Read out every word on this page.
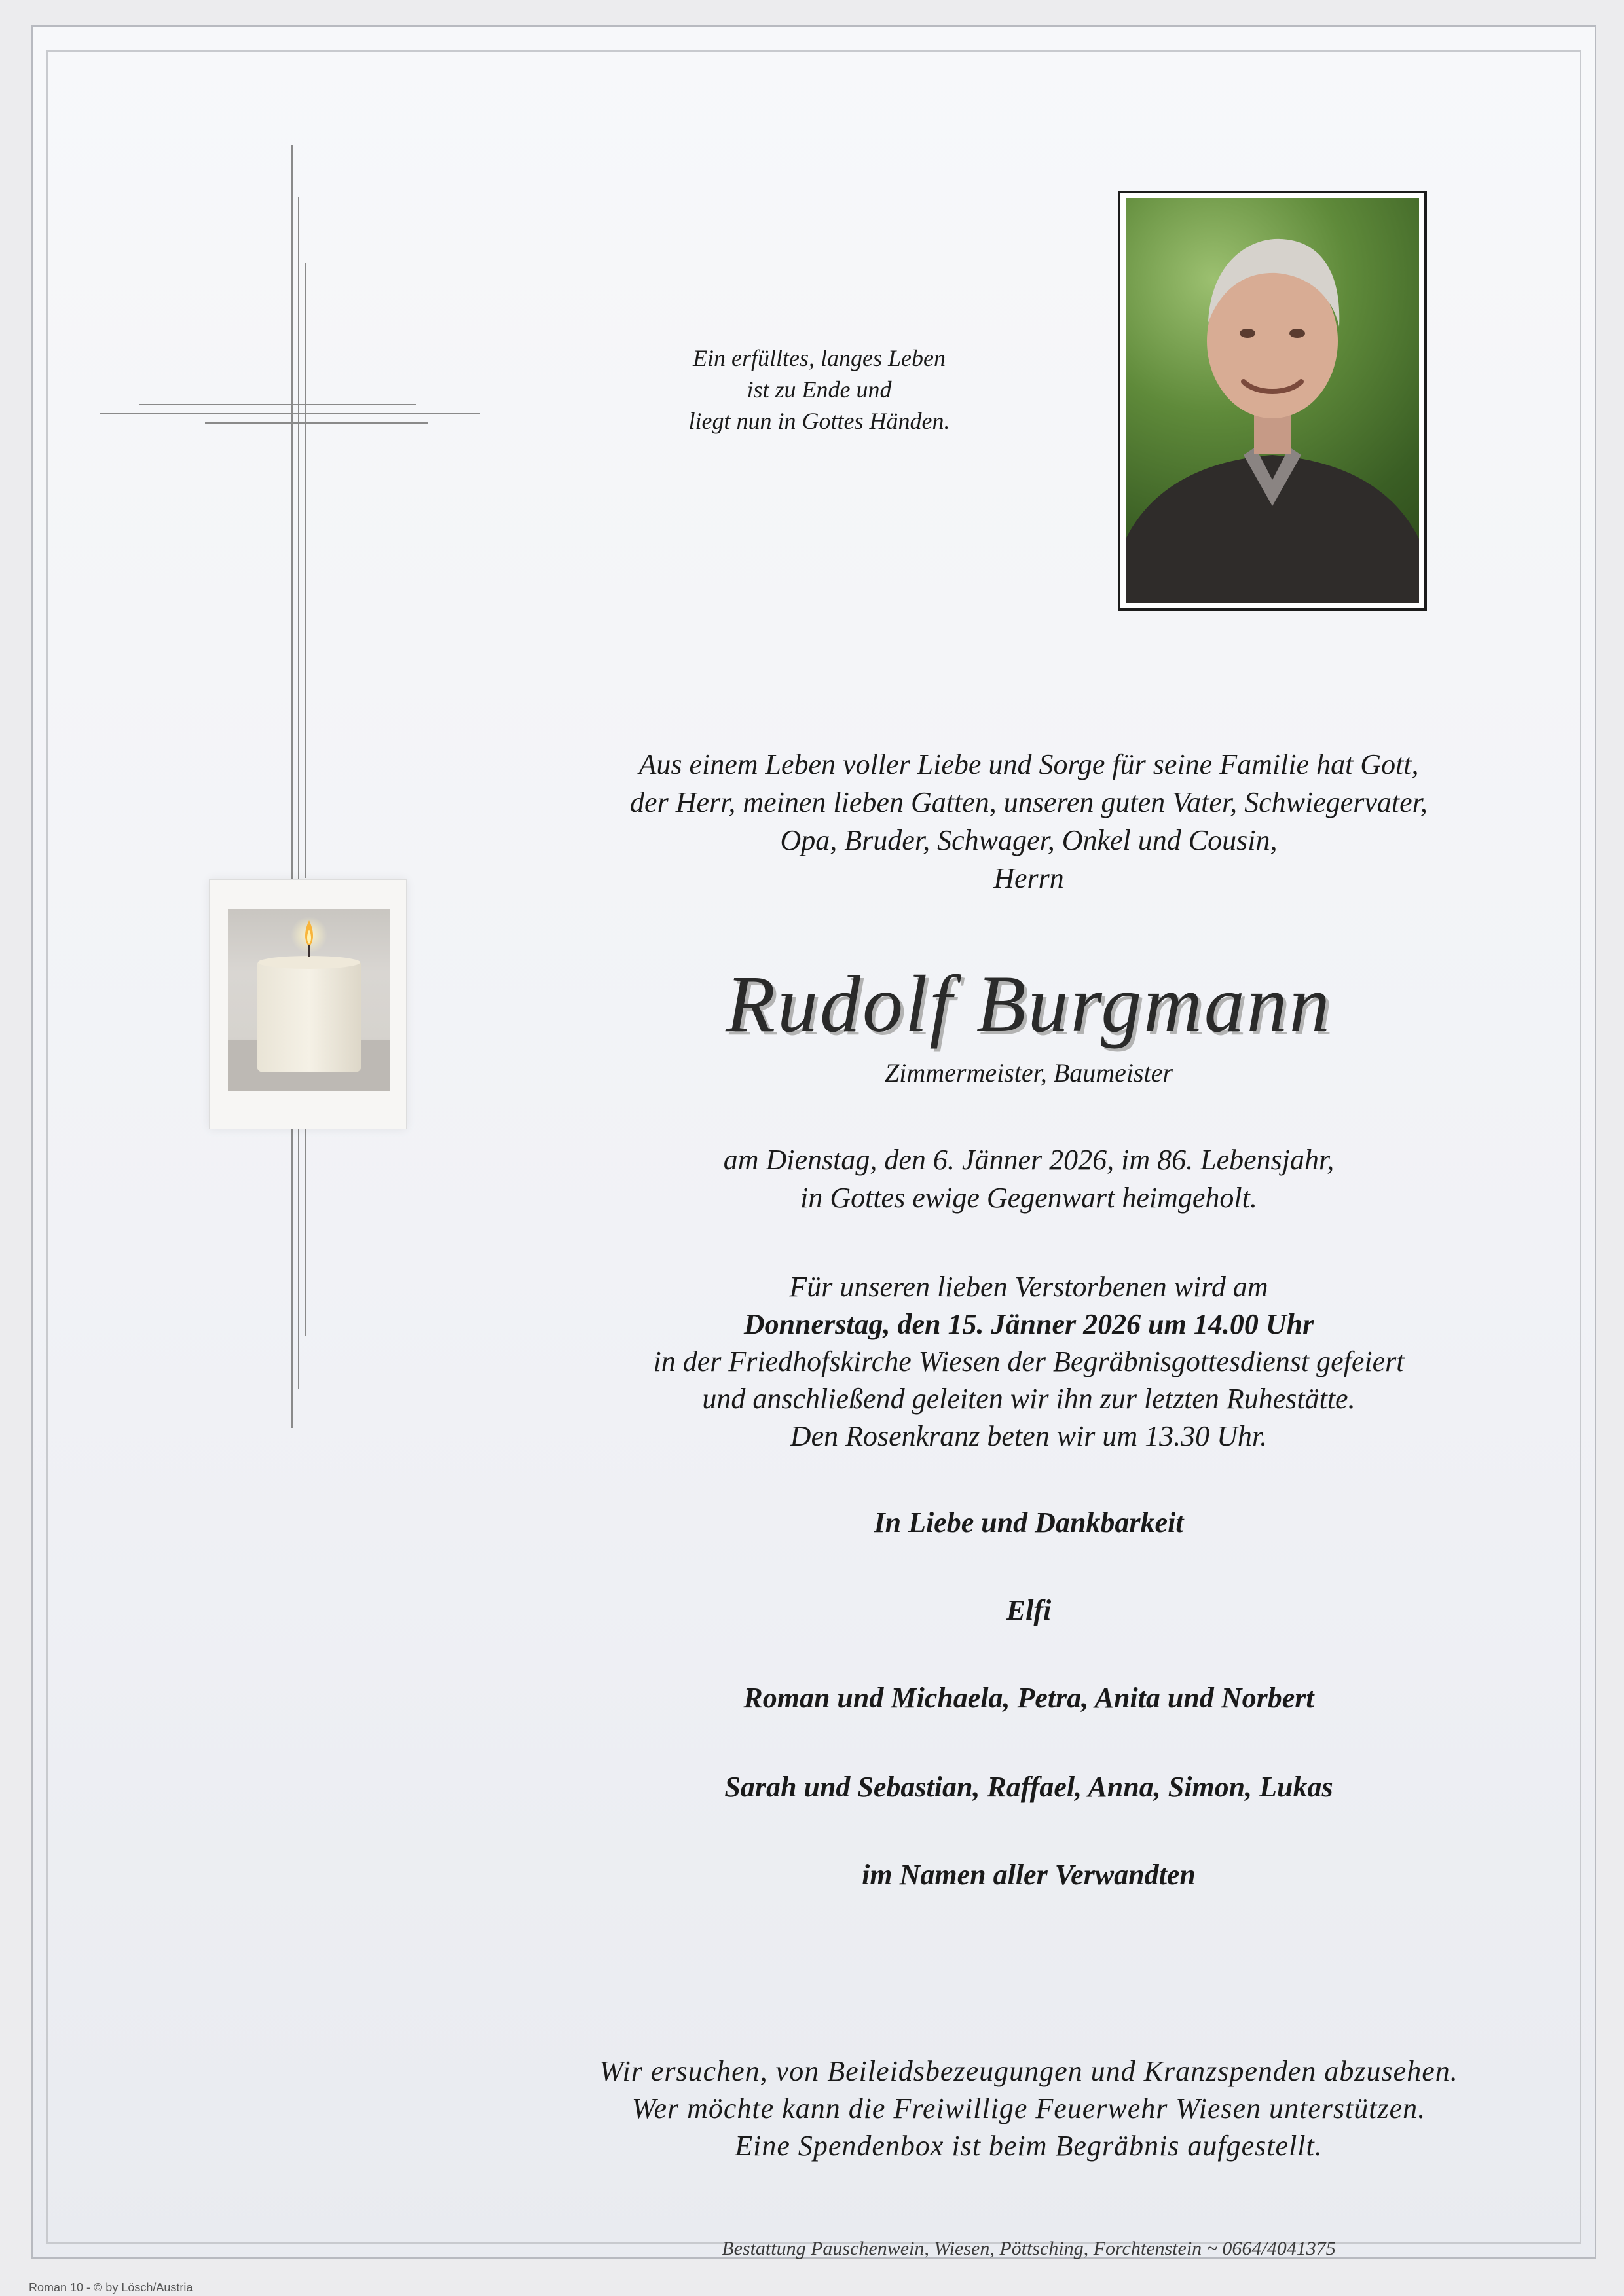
Ein erfülltes, langes Leben
ist zu Ende und
liegt nun in Gottes Händen.
Aus einem Leben voller Liebe und Sorge für seine Familie hat Gott,
der Herr, meinen lieben Gatten, unseren guten Vater, Schwiegervater,
Opa, Bruder, Schwager, Onkel und Cousin,
Herrn
Rudolf Burgmann
Zimmermeister, Baumeister
am Dienstag, den 6. Jänner 2026, im 86. Lebensjahr,
in Gottes ewige Gegenwart heimgeholt.
Für unseren lieben Verstorbenen wird am
Donnerstag, den 15. Jänner 2026 um 14.00 Uhr
in der Friedhofskirche Wiesen der Begräbnisgottesdienst gefeiert
und anschließend geleiten wir ihn zur letzten Ruhestätte.
Den Rosenkranz beten wir um 13.30 Uhr.
In Liebe und Dankbarkeit
Elfi
Roman und Michaela, Petra, Anita und Norbert
Sarah und Sebastian, Raffael, Anna, Simon, Lukas
im Namen aller Verwandten
Wir ersuchen, von Beileidsbezeugungen und Kranzspenden abzusehen.
Wer möchte kann die Freiwillige Feuerwehr Wiesen unterstützen.
Eine Spendenbox ist beim Begräbnis aufgestellt.
Bestattung Pauschenwein, Wiesen, Pöttsching, Forchtenstein ~ 0664/4041375
Roman 10 - © by Lösch/Austria
